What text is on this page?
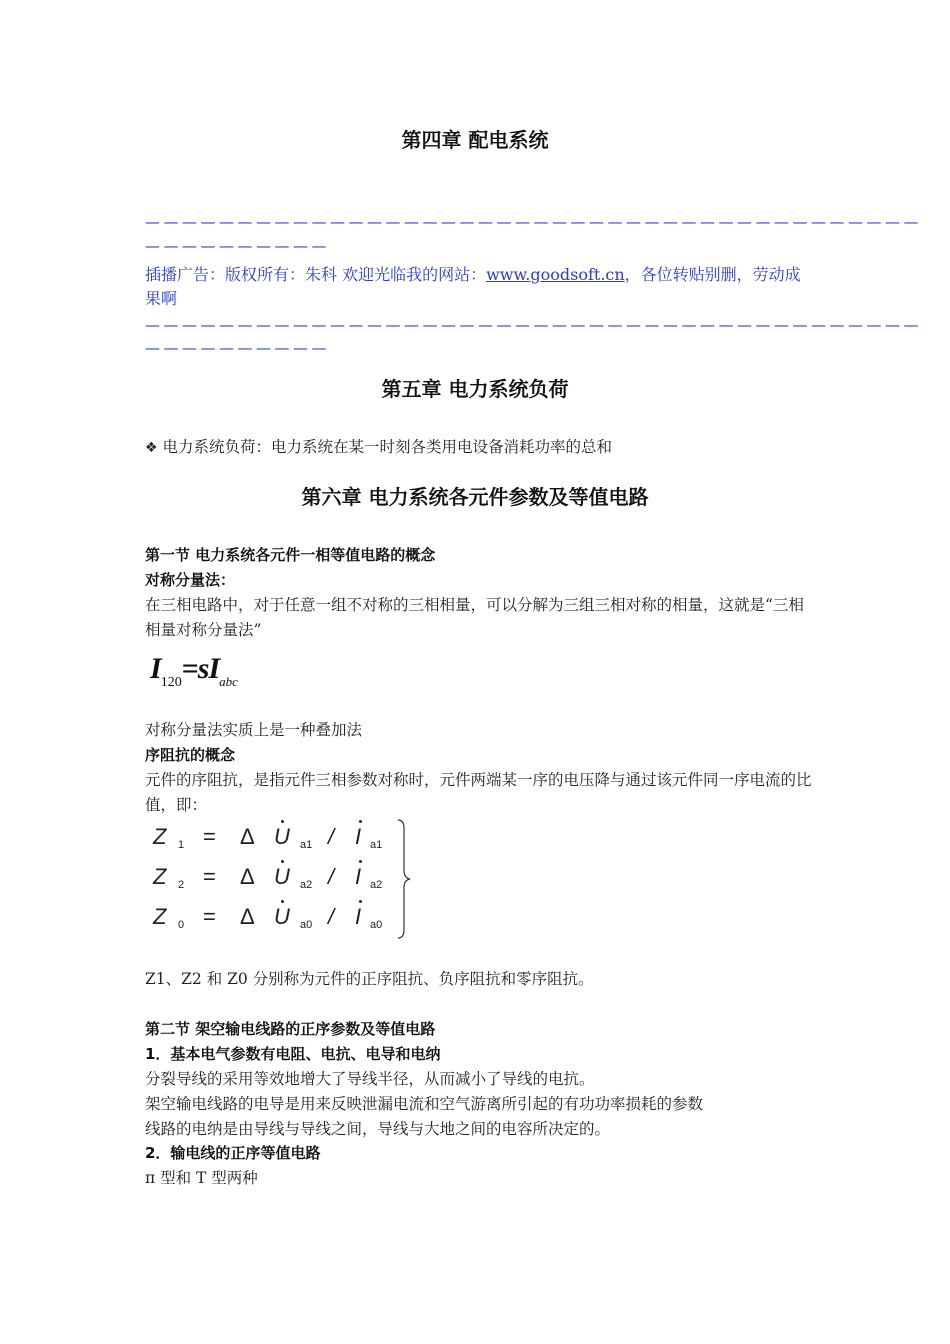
第四章 配电系统
——————————————————————————————————————————
——————————
插播广告：版权所有：朱科 欢迎光临我的网站：www.goodsoft.cn，各位转贴别删，劳动成果啊
——————————————————————————————————————————
——————————
第五章 电力系统负荷
❖ 电力系统负荷：电力系统在某一时刻各类用电设备消耗功率的总和
第六章 电力系统各元件参数及等值电路
第一节 电力系统各元件一相等值电路的概念
对称分量法：
在三相电路中，对于任意一组不对称的三相相量，可以分解为三组三相对称的相量，这就是“三相相量对称分量法”
$I120=sI_{abc}$
对称分量法实质上是一种叠加法
序阻抗的概念
元件的序阻抗，是指元件三相参数对称时，元件两端某一序的电压降与通过该元件同一序电流的比值，即：
Z 1 = Δ U a1 / I a1
Z 2 = Δ U a2 / I a2
Z 0 = Δ U a0 / I a0
Z1、Z2 和 Z0 分别称为元件的正序阻抗、负序阻抗和零序阻抗。
第二节 架空输电线路的正序参数及等值电路
1．基本电气参数有电阻、电抗、电导和电纳
分裂导线的采用等效地增大了导线半径，从而减小了导线的电抗。
架空输电线路的电导是用来反映泄漏电流和空气游离所引起的有功功率损耗的参数
线路的电纳是由导线与导线之间，导线与大地之间的电容所决定的。
2．输电线的正序等值电路
π 型和 T 型两种
